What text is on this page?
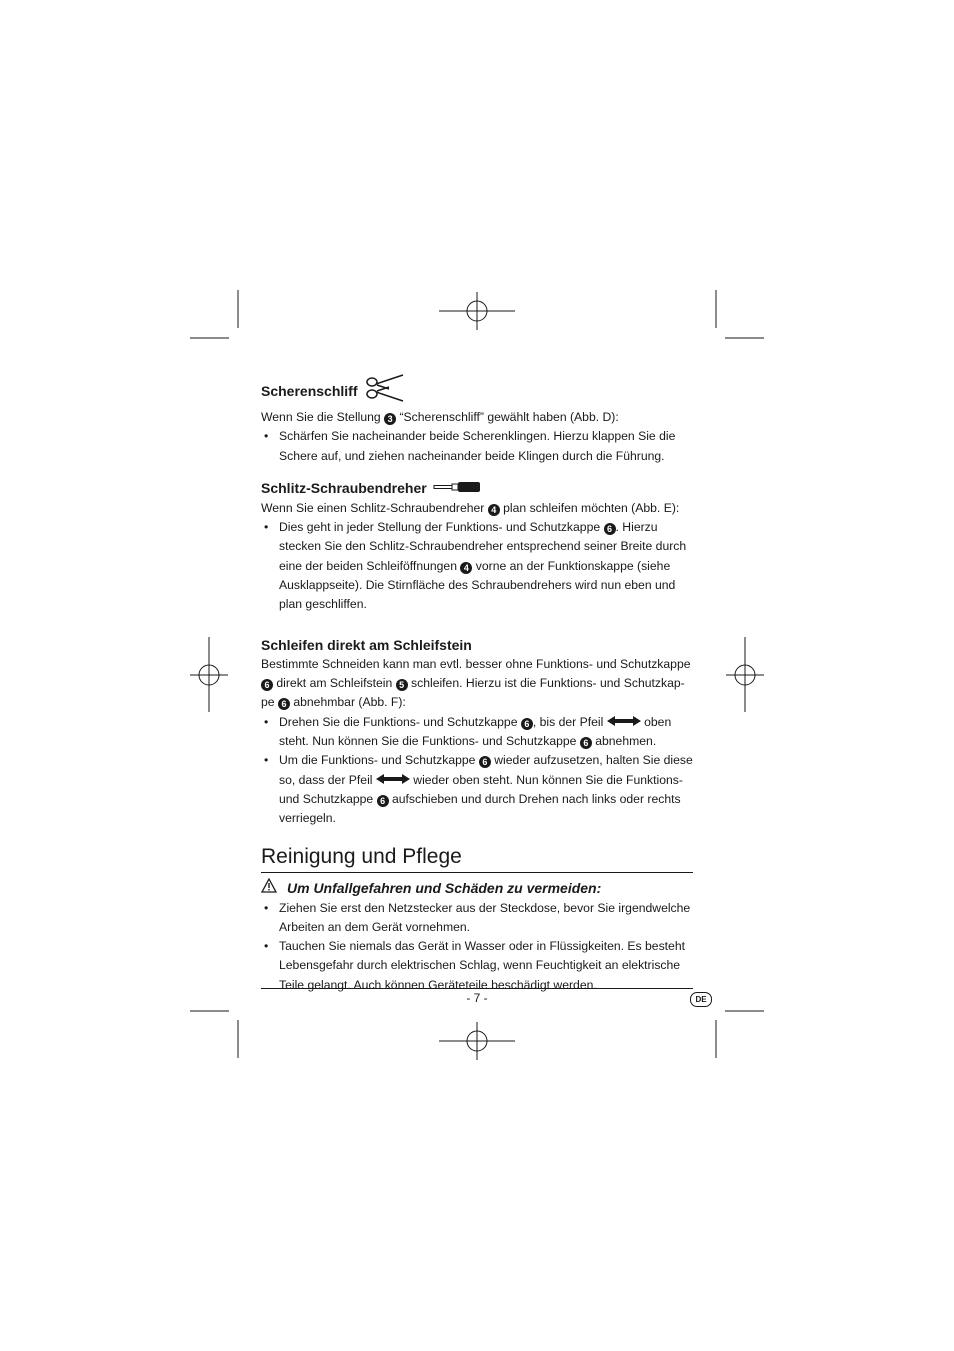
Scherenschliff

Wenn Sie die Stellung 3 “Scherenschliff” gewählt haben (Abb. D):

• Schärfen Sie nacheinander beide Scherenklingen. Hierzu klappen Sie die Schere auf, und ziehen nacheinander beide Klingen durch die Führung.
Schlitz-Schraubendreher

Wenn Sie einen Schlitz-Schraubendreher 4 plan schleifen möchten (Abb. E):

• Dies geht in jeder Stellung der Funktions- und Schutzkappe 6 . Hierzu stecken Sie den Schlitz-Schraubendreher entsprechend seiner Breite durch eine der beiden Schleiföffnungen 4 vorne an der Funktionskappe (siehe Ausklappseite). Die Stirnfläche des Schraubendrehers wird nun eben und plan geschliffen.
Schleifen direkt am Schleifstein

Bestimmte Schneiden kann man evtl. besser ohne Funktions- und Schutzkappe 6 direkt am Schleifstein 5 schleifen. Hierzu ist die Funktions- und Schutzkap-pe 6 abnehmbar (Abb. F):

• Drehen Sie die Funktions- und Schutzkappe 6 , bis der Pfeil	oben steht. Nun können Sie die Funktions- und Schutzkappe 6 abnehmen.
• Um die Funktions- und Schutzkappe 6 wieder aufzusetzen, halten Sie diese so, dass der Pfeil	wieder oben steht. Nun können Sie die Funktions- und Schutzkappe 6 aufschieben und durch Drehen nach links oder rechts verriegeln.
Reinigung und Pflege
Um Unfallgefahren und Schäden zu vermeiden:
• Ziehen Sie erst den Netzstecker aus der Steckdose, bevor Sie irgendwelche Arbeiten an dem Gerät vornehmen.
• Tauchen Sie niemals das Gerät in Wasser oder in Flüssigkeiten. Es besteht Lebensgefahr durch elektrischen Schlag, wenn Feuchtigkeit an elektrische Teile gelangt. Auch können Geräteteile beschädigt werden.
- 7 -	DE
